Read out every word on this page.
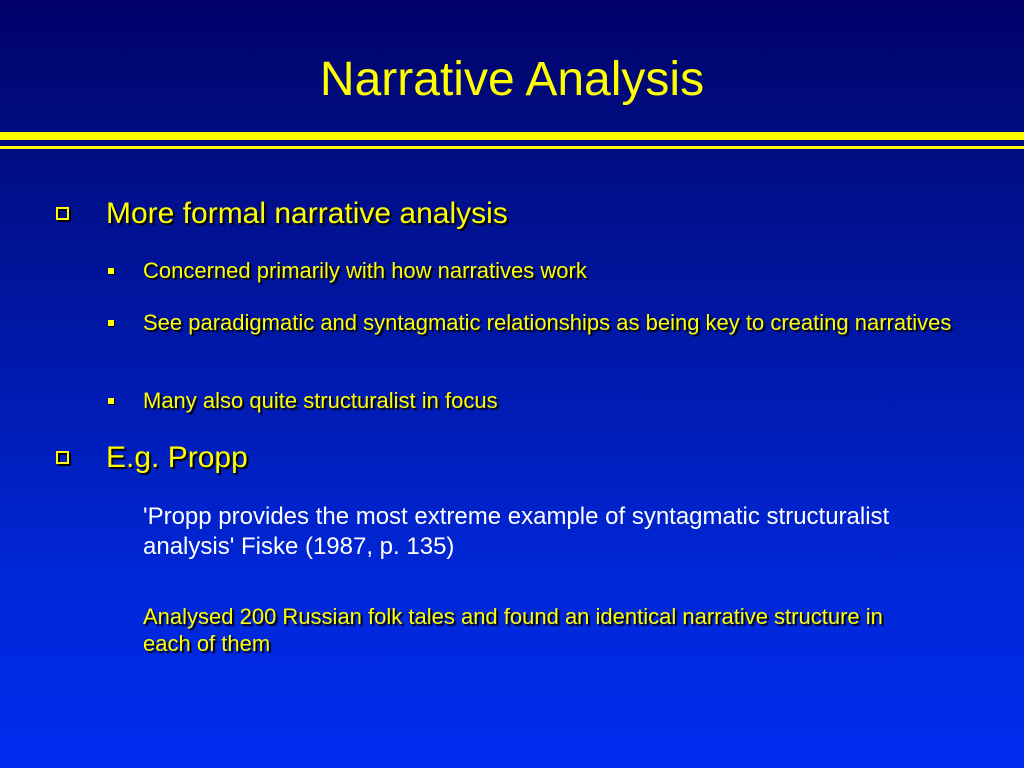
Narrative Analysis
More formal narrative analysis
Concerned primarily with how narratives work
See paradigmatic and syntagmatic relationships as being key to creating narratives
Many also quite structuralist in focus
E.g. Propp
'Propp provides the most extreme example of syntagmatic structuralist analysis' Fiske (1987, p. 135)
Analysed 200 Russian folk tales and found an identical narrative structure in each of them
